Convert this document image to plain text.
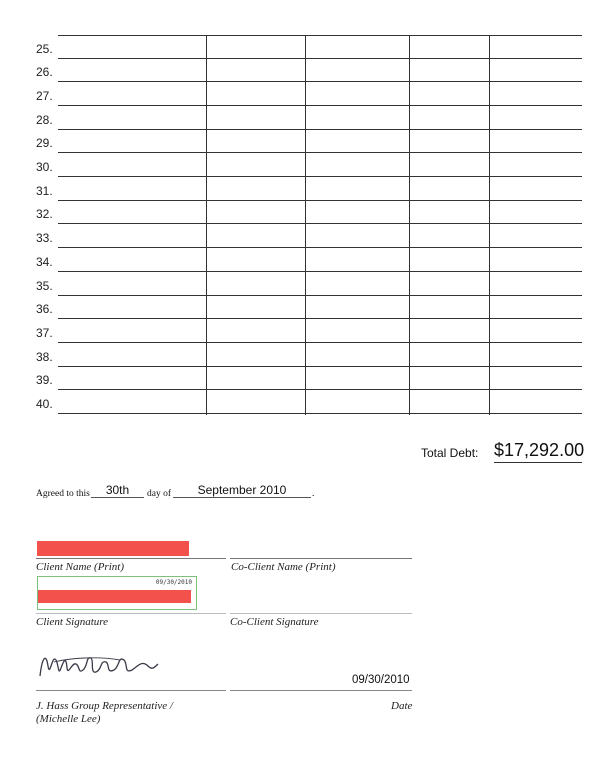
25.
26.
27.
28.
29.
30.
31.
32.
33.
34.
35.
36.
37.
38.
39.
40.
Total Debt: $17,292.00
Agreed to this	30th	day of	September 2010	.
Client Name (Print)	Co-Client Name (Print)
09/30/2010
Client Signature	Co-Client Signature
09/30/2010
J. Hass Group Representative /
(Michelle Lee)
Date
